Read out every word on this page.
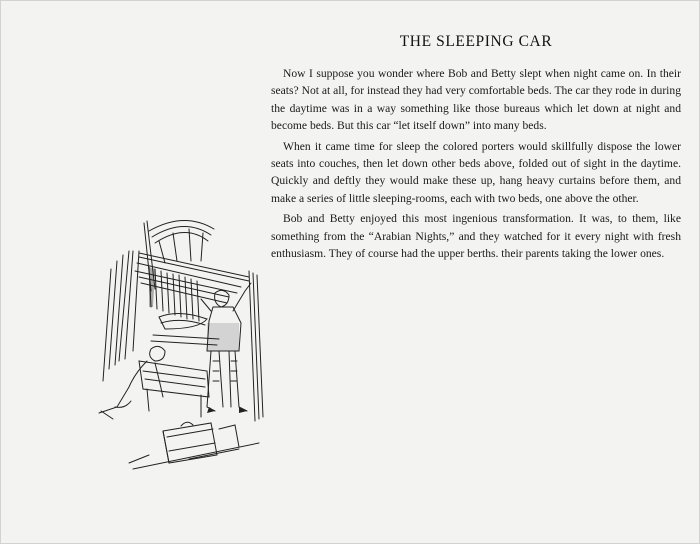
THE SLEEPING CAR

Now I suppose you wonder where Bob and Betty slept when night came on. In their seats? Not at all, for instead they had very comfortable beds. The car they rode in during the daytime was in a way something like those bureaus which let down at night and become beds. But this car “let itself down” into many beds.

When it came time for sleep the colored porters would skillfully dispose the lower seats into couches, then let down other beds above, folded out of sight in the daytime. Quickly and deftly they would make these up, hang heavy curtains before them, and make a series of little sleeping-rooms, each with two beds, one above the other.

Bob and Betty enjoyed this most ingenious transformation. It was, to them, like something from the “Arabian Nights,” and they watched for it every night with fresh enthusiasm. They of course had the upper berths. their parents taking the lower ones.
